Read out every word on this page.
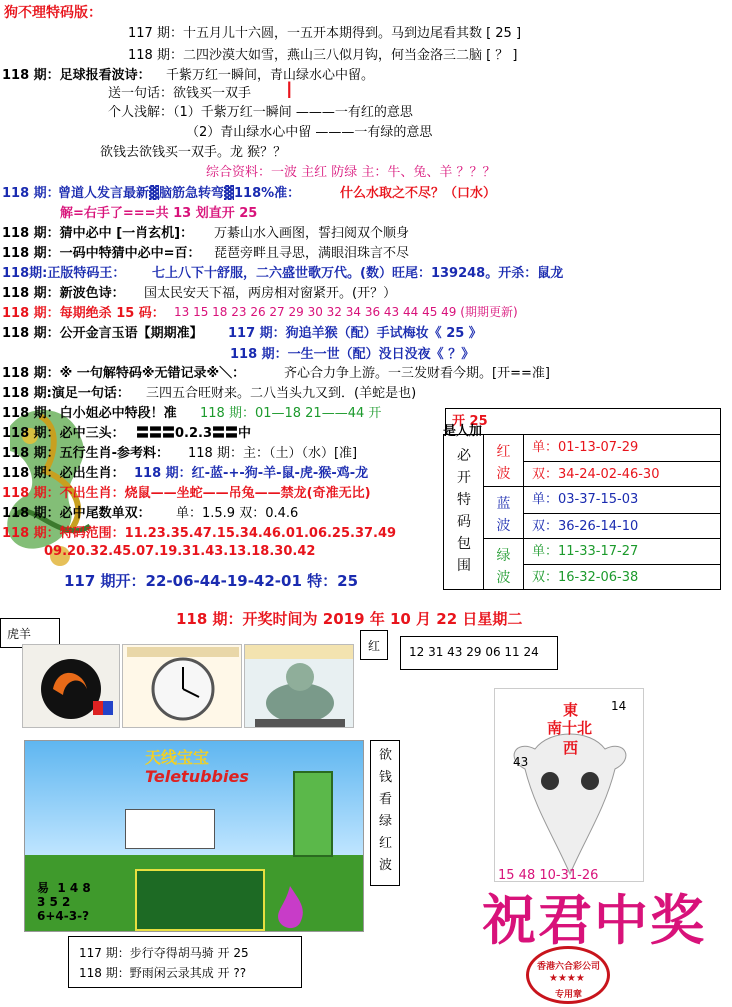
狗不理特码版：
117 期：十五月儿十六圆，一五开本期得到。马到边尾看其数 [ 25 ]
118 期：二四沙漠大如雪，燕山三八似月钩，何当金洛三二脑 [ ？ ]
118 期：足球报看波诗： 千紫万红一瞬间，青山绿水心中留。
送一句话：欲钱买一双手 I
个人浅解：（1）千紫万红一瞬间 ———一有红的意思
（2）青山绿水心中留 ———一有绿的意思
欲钱去欲钱买一双手。龙 猴？？
综合资料：一波 主红 防绿 主：牛、兔、羊 ？？？
118 期：
曾道人发言最新▓脑筋急转弯▓118%准：	什么水取之不尽？（口水）
解=右手了===共 13 划直开 25
118 期：猜中必中 [一肖玄机]： 万綦山水入画图，誓扫阅双个顺身
118 期：一码中特猜中必中=百： 琵琶旁畔且寻思，满眼泪珠言不尽
118期:正版特码王： 七上八下十舒服，二六盛世歌万代。(数）旺尾：139248。开杀：鼠龙
118 期：新波色诗： 国太民安天下福，两房相对窗紧开。(开？）
118 期：每期绝杀 15 码： 13 15 18 23 26 27 29 30 32 34 36 43 44 45 49 (期期更新)
118 期：公开金言玉语【期期准】 117 期：狗追羊猴（配）手试梅妆《 25 》
118 期：一生一世（配）没日没夜《 ？》
118 期：※ 一句解特码※无错记录※＼：	齐心合力争上游。一三发财看今期。[开==准]
118 期:演足一句话： 三四五合旺财来。二八当头九又到．(羊蛇是也)
118 期：白小姐必中特段！准 118 期：01—18 21——44 开
118 期：必中三头： 〓〓〓0.2.3〓〓中
118 期：五行生肖-参考料： 118 期：主：（土）（水）[准]
118 期：必出生肖： 118 期：红-蓝-+-狗-羊-鼠-虎-猴-鸡-龙
118 期：不出生肖：烧鼠——坐蛇——吊兔——禁龙(奇准无比)
118 期：必中尾数单双： 单：1.5.9 双：0.4.6
118 期：特码范围：11.23.35.47.15.34.46.01.06.25.37.49
09.20.32.45.07.19.31.43.13.18.30.42
117 期开：22-06-44-19-42-01 特：25
开 25
是人加
必
开
特
码
包
围
红
波
单：01-13-07-29
双：34-24-02-46-30
蓝
波
单：03-37-15-03
双：36-26-14-10
绿
波
单：11-33-17-27
双：16-32-06-38
118 期：开奖时间为 2019 年 10 月 22 日星期二
虎羊
红	12 31 43 29 06 11 24
天线宝宝
Teletubbies
易  1 4 8
3 5 2
6+4-3-?
欲
钱
看
绿
红
波
117 期：步行夺得胡马骑 开 25
118 期：野雨闲云录其成 开 ??
東
南十北
西
14
43
15 48 10-31-26
祝君中奖
香港六合彩公司
★★★★
专用章
